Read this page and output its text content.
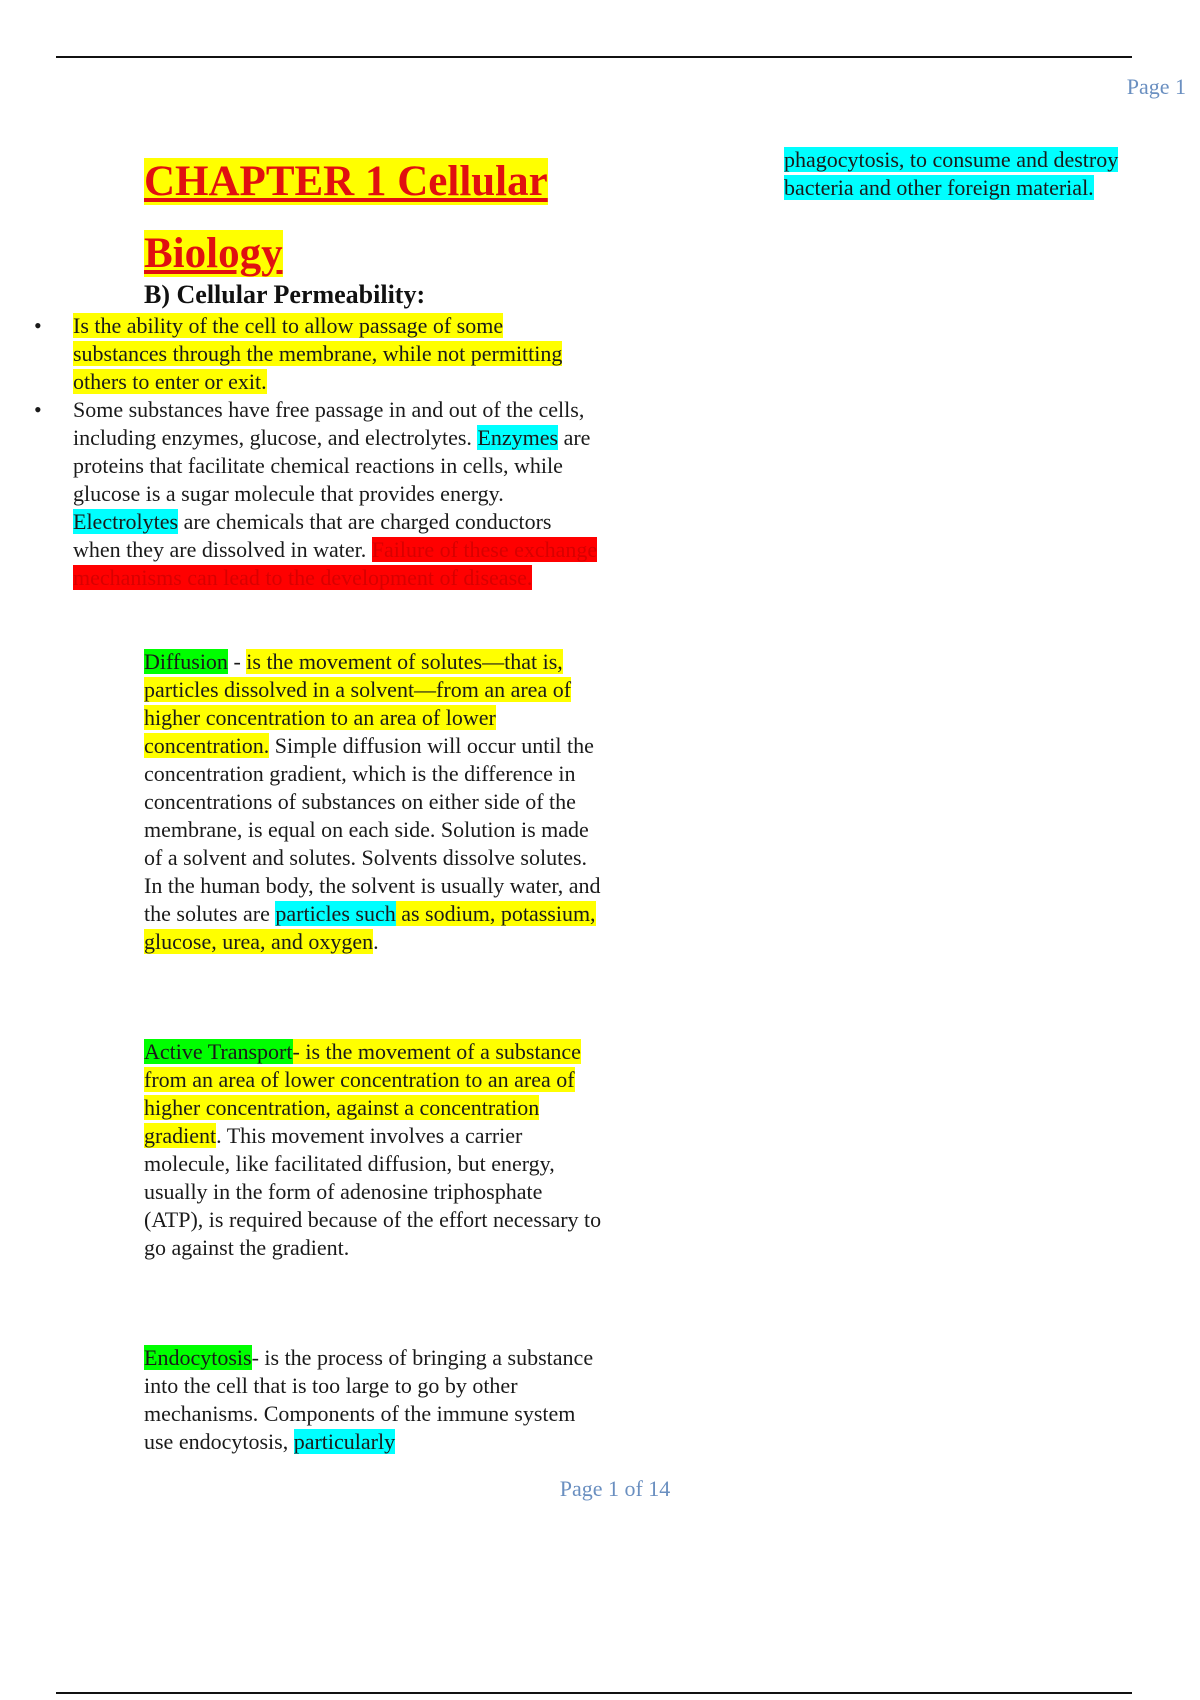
Page 1
CHAPTER 1 Cellular
Biology
B) Cellular Permeability:
• Is the ability of the cell to allow passage of some substances through the membrane, while not permitting others to enter or exit.
• Some substances have free passage in and out of the cells, including enzymes, glucose, and electrolytes. Enzymes are proteins that facilitate chemical reactions in cells, while glucose is a sugar molecule that provides energy. Electrolytes are chemicals that are charged conductors when they are dissolved in water. Failure of these exchange mechanisms can lead to the development of disease.

Diffusion - is the movement of solutes—that is, particles dissolved in a solvent—from an area of higher concentration to an area of lower concentration. Simple diffusion will occur until the concentration gradient, which is the difference in concentrations of substances on either side of the membrane, is equal on each side. Solution is made of a solvent and solutes. Solvents dissolve solutes. In the human body, the solvent is usually water, and the solutes are particles such as sodium, potassium, glucose, urea, and oxygen.

Active Transport- is the movement of a substance from an area of lower concentration to an area of higher concentration, against a concentration gradient. This movement involves a carrier molecule, like facilitated diffusion, but energy, usually in the form of adenosine triphosphate (ATP), is required because of the effort necessary to go against the gradient.

Endocytosis- is the process of bringing a substance into the cell that is too large to go by other mechanisms. Components of the immune system use endocytosis, particularly

phagocytosis, to consume and destroy bacteria and other foreign material.

Page 1 of 14
